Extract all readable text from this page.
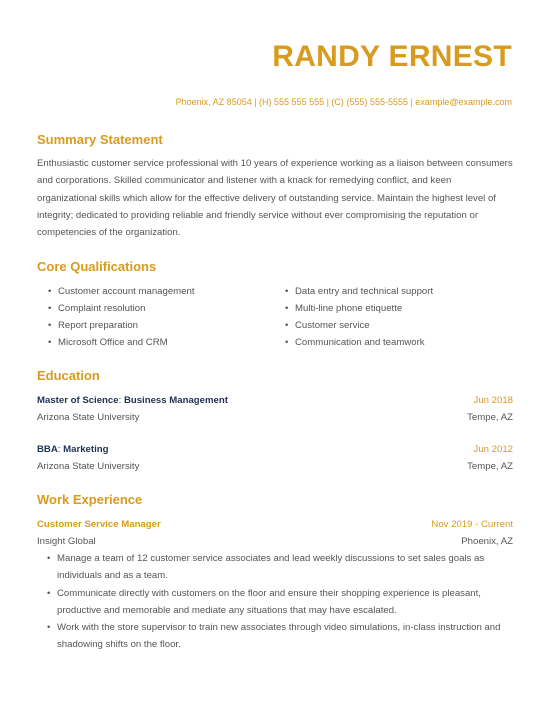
RANDY ERNEST
Phoenix, AZ 85054 | (H) 555 555 555 | (C) (555) 555-5555 | example@example.com
Summary Statement
Enthusiastic customer service professional with 10 years of experience working as a liaison between consumers and corporations. Skilled communicator and listener with a knack for remedying conflict, and keen organizational skills which allow for the effective delivery of outstanding service. Maintain the highest level of integrity; dedicated to providing reliable and friendly service without ever compromising the reputation or competencies of the organization.
Core Qualifications
• Customer account management
• Complaint resolution
• Report preparation
• Microsoft Office and CRM
• Data entry and technical support
• Multi-line phone etiquette
• Customer service
• Communication and teamwork
Education
Master of Science: Business Management	Jun 2018
Arizona State University	Tempe, AZ
BBA: Marketing	Jun 2012
Arizona State University	Tempe, AZ
Work Experience
Customer Service Manager	Nov 2019 - Current
Insight Global	Phoenix, AZ
• Manage a team of 12 customer service associates and lead weekly discussions to set sales goals as individuals and as a team.
• Communicate directly with customers on the floor and ensure their shopping experience is pleasant, productive and memorable and mediate any situations that may have escalated.
• Work with the store supervisor to train new associates through video simulations, in-class instruction and shadowing shifts on the floor.
